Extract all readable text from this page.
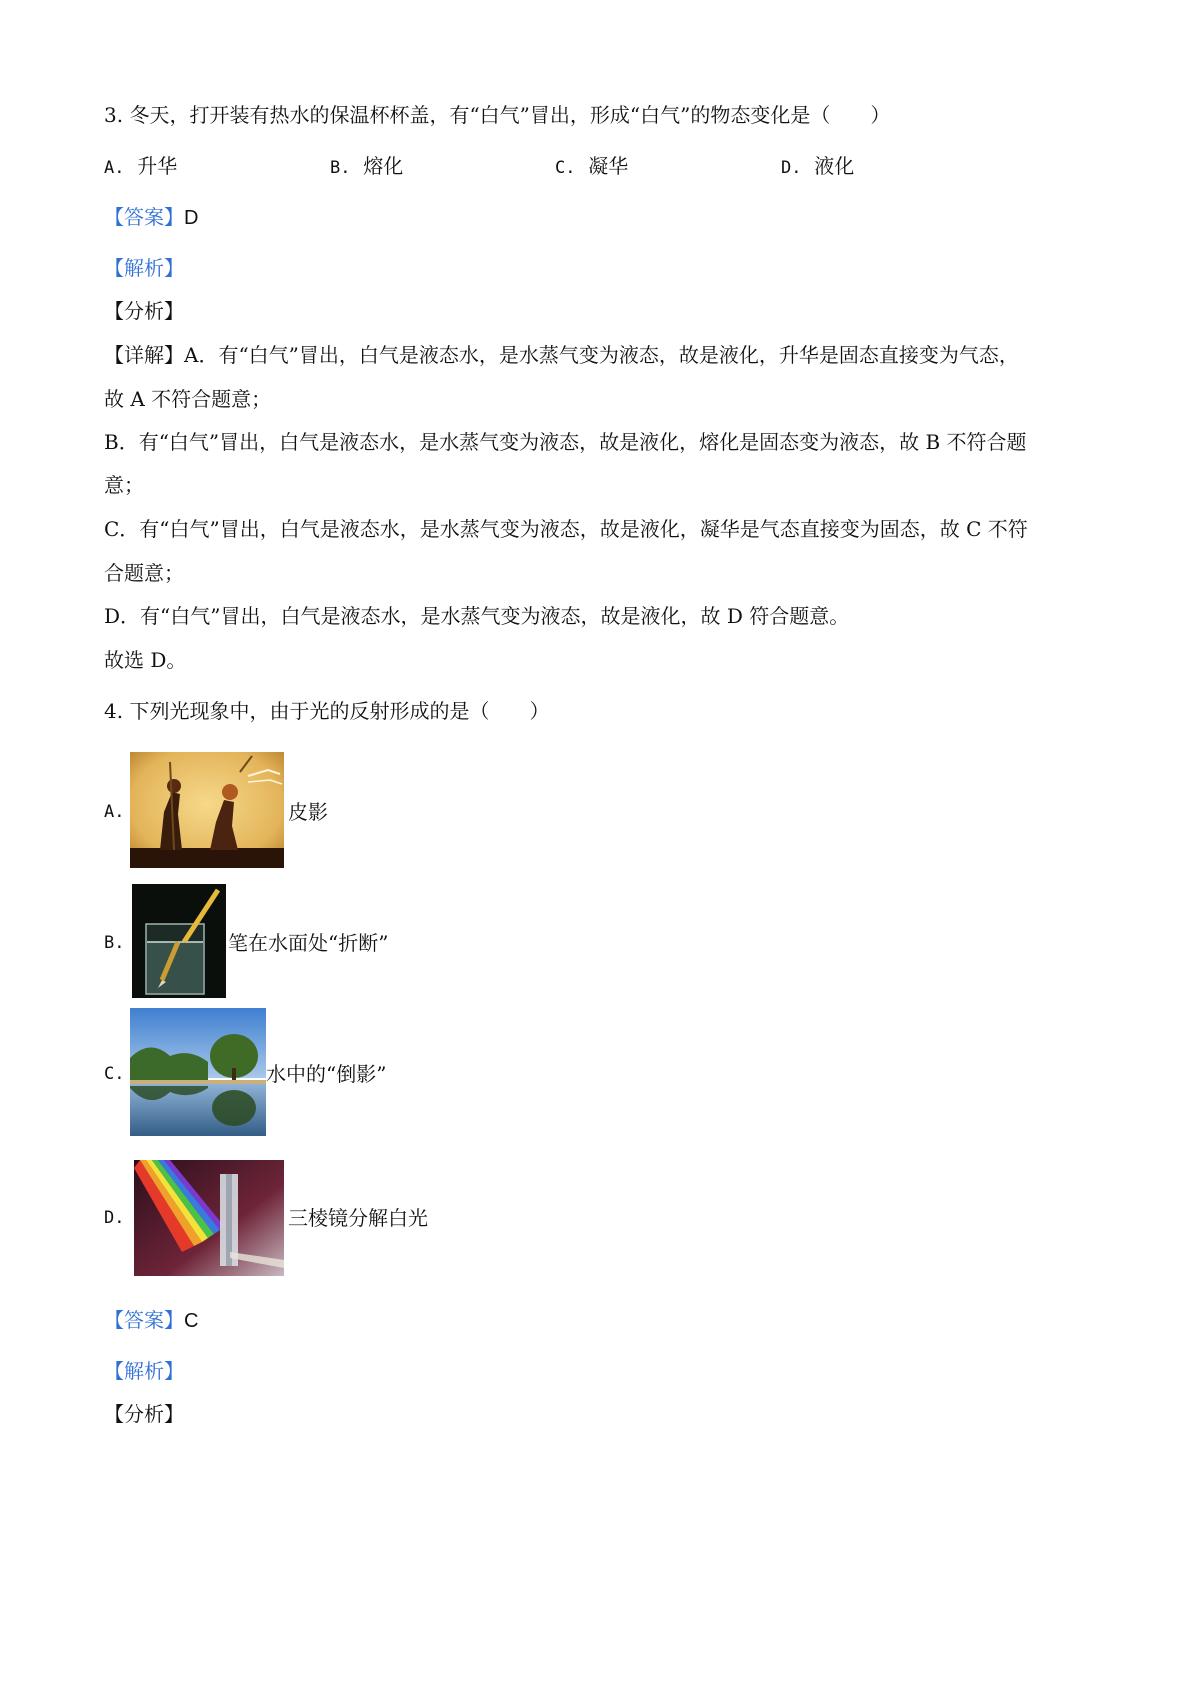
3. 冬天，打开装有热水的保温杯杯盖，有“白气”冒出，形成“白气”的物态变化是（　　）
A. 升华	B. 熔化	C. 凝华	D. 液化
【答案】D
【解析】
【分析】
【详解】A．有“白气”冒出，白气是液态水，是水蒸气变为液态，故是液化，升华是固态直接变为气态，
故 A 不符合题意；
B．有“白气”冒出，白气是液态水，是水蒸气变为液态，故是液化，熔化是固态变为液态，故 B 不符合题
意；
C．有“白气”冒出，白气是液态水，是水蒸气变为液态，故是液化，凝华是气态直接变为固态，故 C 不符
合题意；
D．有“白气”冒出，白气是液态水，是水蒸气变为液态，故是液化，故 D 符合题意。
故选 D。
4. 下列光现象中，由于光的反射形成的是（　　）
A.	皮影
B.	笔在水面处“折断”
C.	水中的“倒影”
D.	三棱镜分解白光
【答案】C
【解析】
【分析】
